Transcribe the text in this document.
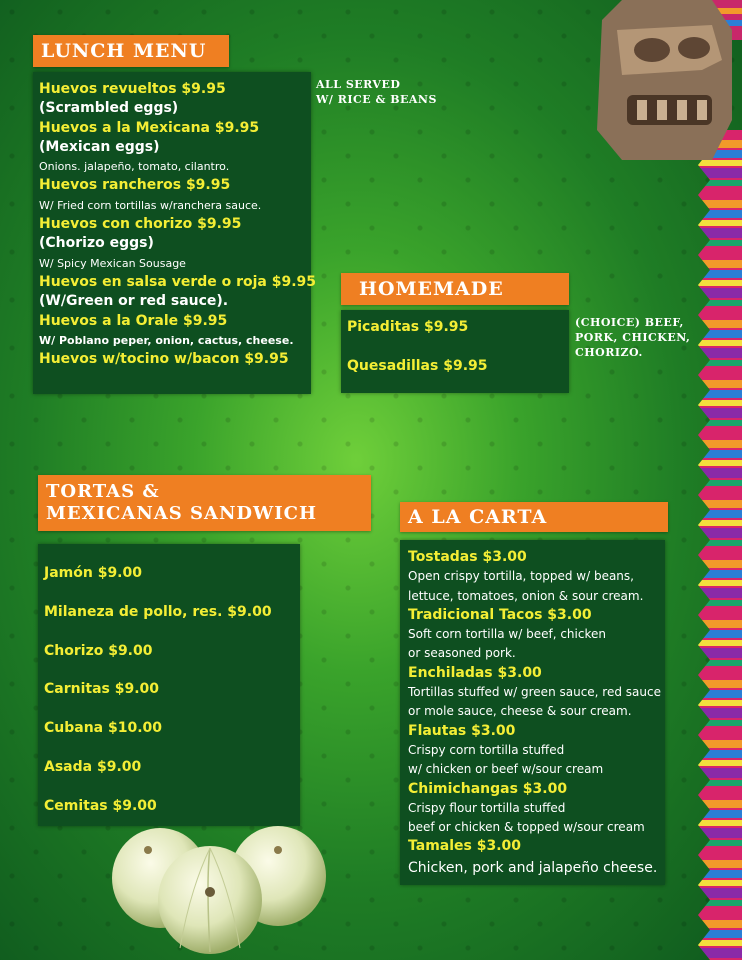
LUNCH MENU
Huevos revueltos $9.95
(Scrambled eggs)
Huevos a la Mexicana $9.95
(Mexican eggs)
Onions. jalapeño, tomato, cilantro.
Huevos rancheros $9.95
W/ Fried corn tortillas w/ranchera sauce.
Huevos con chorizo $9.95
(Chorizo eggs)
W/ Spicy Mexican Sousage
Huevos en salsa verde o roja $9.95
(W/Green or red sauce).
Huevos a la Orale $9.95
W/ Poblano peper, onion, cactus, cheese.
Huevos w/tocino w/bacon $9.95
ALL SERVED
W/ RICE & BEANS
HOMEMADE
Picaditas $9.95
Quesadillas $9.95
(CHOICE) BEEF,
PORK, CHICKEN,
CHORIZO.
TORTAS &
MEXICANAS SANDWICH
Jamón $9.00
Milaneza de pollo, res. $9.00
Chorizo $9.00
Carnitas $9.00
Cubana $10.00
Asada $9.00
Cemitas $9.00
A LA CARTA
Tostadas $3.00
Open crispy tortilla, topped w/ beans,
lettuce, tomatoes, onion & sour cream.
Tradicional Tacos $3.00
Soft corn tortilla w/ beef, chicken
or seasoned pork.
Enchiladas $3.00
Tortillas stuffed w/ green sauce, red sauce
or mole sauce, cheese & sour cream.
Flautas $3.00
Crispy corn tortilla stuffed
w/ chicken or beef w/sour cream
Chimichangas $3.00
Crispy flour tortilla stuffed
beef or chicken & topped w/sour cream
Tamales $3.00
Chicken, pork and jalapeño cheese.
